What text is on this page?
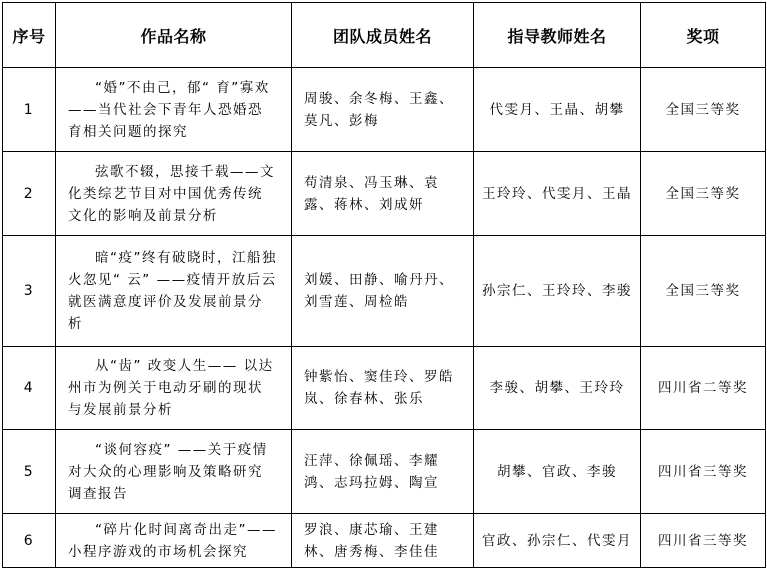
序号	作品名称	团队成员姓名	指导教师姓名	奖项
1	“婚”不由己，郁“ 育”寡欢——当代社会下青年人恐婚恐育相关问题的探究	周骏、余冬梅、王鑫、莫凡、彭梅	代雯月、王晶、胡攀	全国三等奖
2	弦歌不辍，思接千载——文化类综艺节目对中国优秀传统文化的影响及前景分析	苟清泉、冯玉琳、袁露、蒋林、刘成妍	王玲玲、代雯月、王晶	全国三等奖
3	暗“疫”终有破晓时，江船独火忽见“ 云” ——疫情开放后云就医满意度评价及发展前景分析	刘媛、田静、喻丹丹、刘雪莲、周检皓	孙宗仁、王玲玲、李骏	全国三等奖
4	从“齿” 改变人生—— 以达州市为例关于电动牙刷的现状与发展前景分析	钟紫怡、窦佳玲、罗皓岚、徐春林、张乐	李骏、胡攀、王玲玲	四川省二等奖
5	“谈何容疫” ——关于疫情对大众的心理影响及策略研究调查报告	汪萍、徐佩瑶、李耀鸿、志玛拉姆、陶宣	胡攀、官政、李骏	四川省三等奖
6	“碎片化时间离奇出走”——小程序游戏的市场机会探究	罗浪、康芯瑜、王建林、唐秀梅、李佳佳	官政、孙宗仁、代雯月	四川省三等奖
